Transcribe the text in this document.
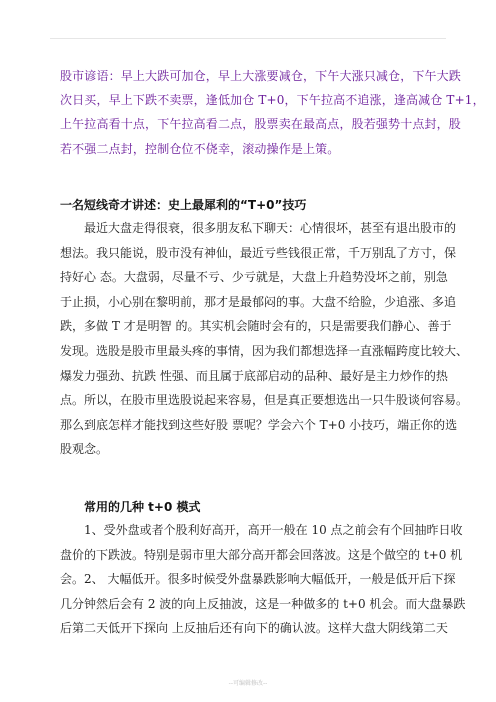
股市谚语：早上大跌可加仓，早上大涨要减仓，下午大涨只减仓，下午大跌
次日买，早上下跌不卖票，逢低加仓 T+0，下午拉高不追涨，逢高减仓 T+1，
上午拉高看十点，下午拉高看二点，股票卖在最高点，股若强势十点封，股
若不强二点封，控制仓位不侥幸，滚动操作是上策。
一名短线奇才讲述：史上最犀利的“T+0”技巧
最近大盘走得很衰，很多朋友私下聊天：心情很坏，甚至有退出股市的
想法。我只能说，股市没有神仙，最近亏些钱很正常，千万别乱了方寸，保
持好心 态。大盘弱，尽量不亏、少亏就是，大盘上升趋势没坏之前，别急
于止损，小心别在黎明前，那才是最郁闷的事。大盘不给脸，少追涨、多追
跌，多做 T 才是明智 的。其实机会随时会有的，只是需要我们静心、善于
发现。选股是股市里最头疼的事情，因为我们都想选择一直涨幅跨度比较大、
爆发力强劲、抗跌 性强、而且属于底部启动的品种、最好是主力炒作的热
点。所以，在股市里选股说起来容易，但是真正要想选出一只牛股谈何容易。
那么到底怎样才能找到这些好股 票呢？学会六个 T+0 小技巧，端正你的选
股观念。
常用的几种 t+0 模式
1、受外盘或者个股利好高开，高开一般在 10 点之前会有个回抽昨日收
盘价的下跌波。特别是弱市里大部分高开都会回落波。这是个做空的 t+0 机
会。2、 大幅低开。很多时候受外盘暴跌影响大幅低开，一般是低开后下探
几分钟然后会有 2 波的向上反抽波，这是一种做多的 t+0 机会。而大盘暴跌
后第二天低开下探向 上反抽后还有向下的确认波。这样大盘大阴线第二天
--可编辑修改--
